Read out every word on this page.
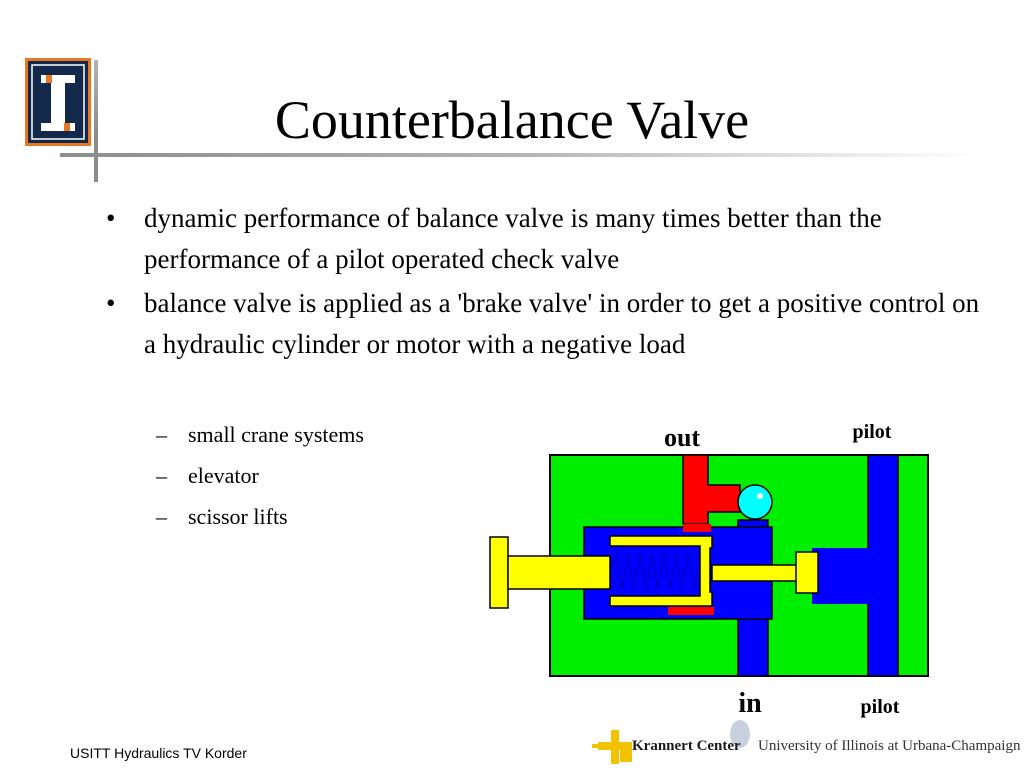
Counterbalance Valve
• dynamic performance of balance valve is many times better than the performance of a pilot operated check valve
• balance valve is applied as a 'brake valve' in order to get a positive control on a hydraulic cylinder or motor with a negative load
– small crane systems
– elevator
– scissor lifts
out	pilot
in	pilot
Krannert Center University of Illinois at Urbana-Champaign
USITT Hydraulics TV Korder
